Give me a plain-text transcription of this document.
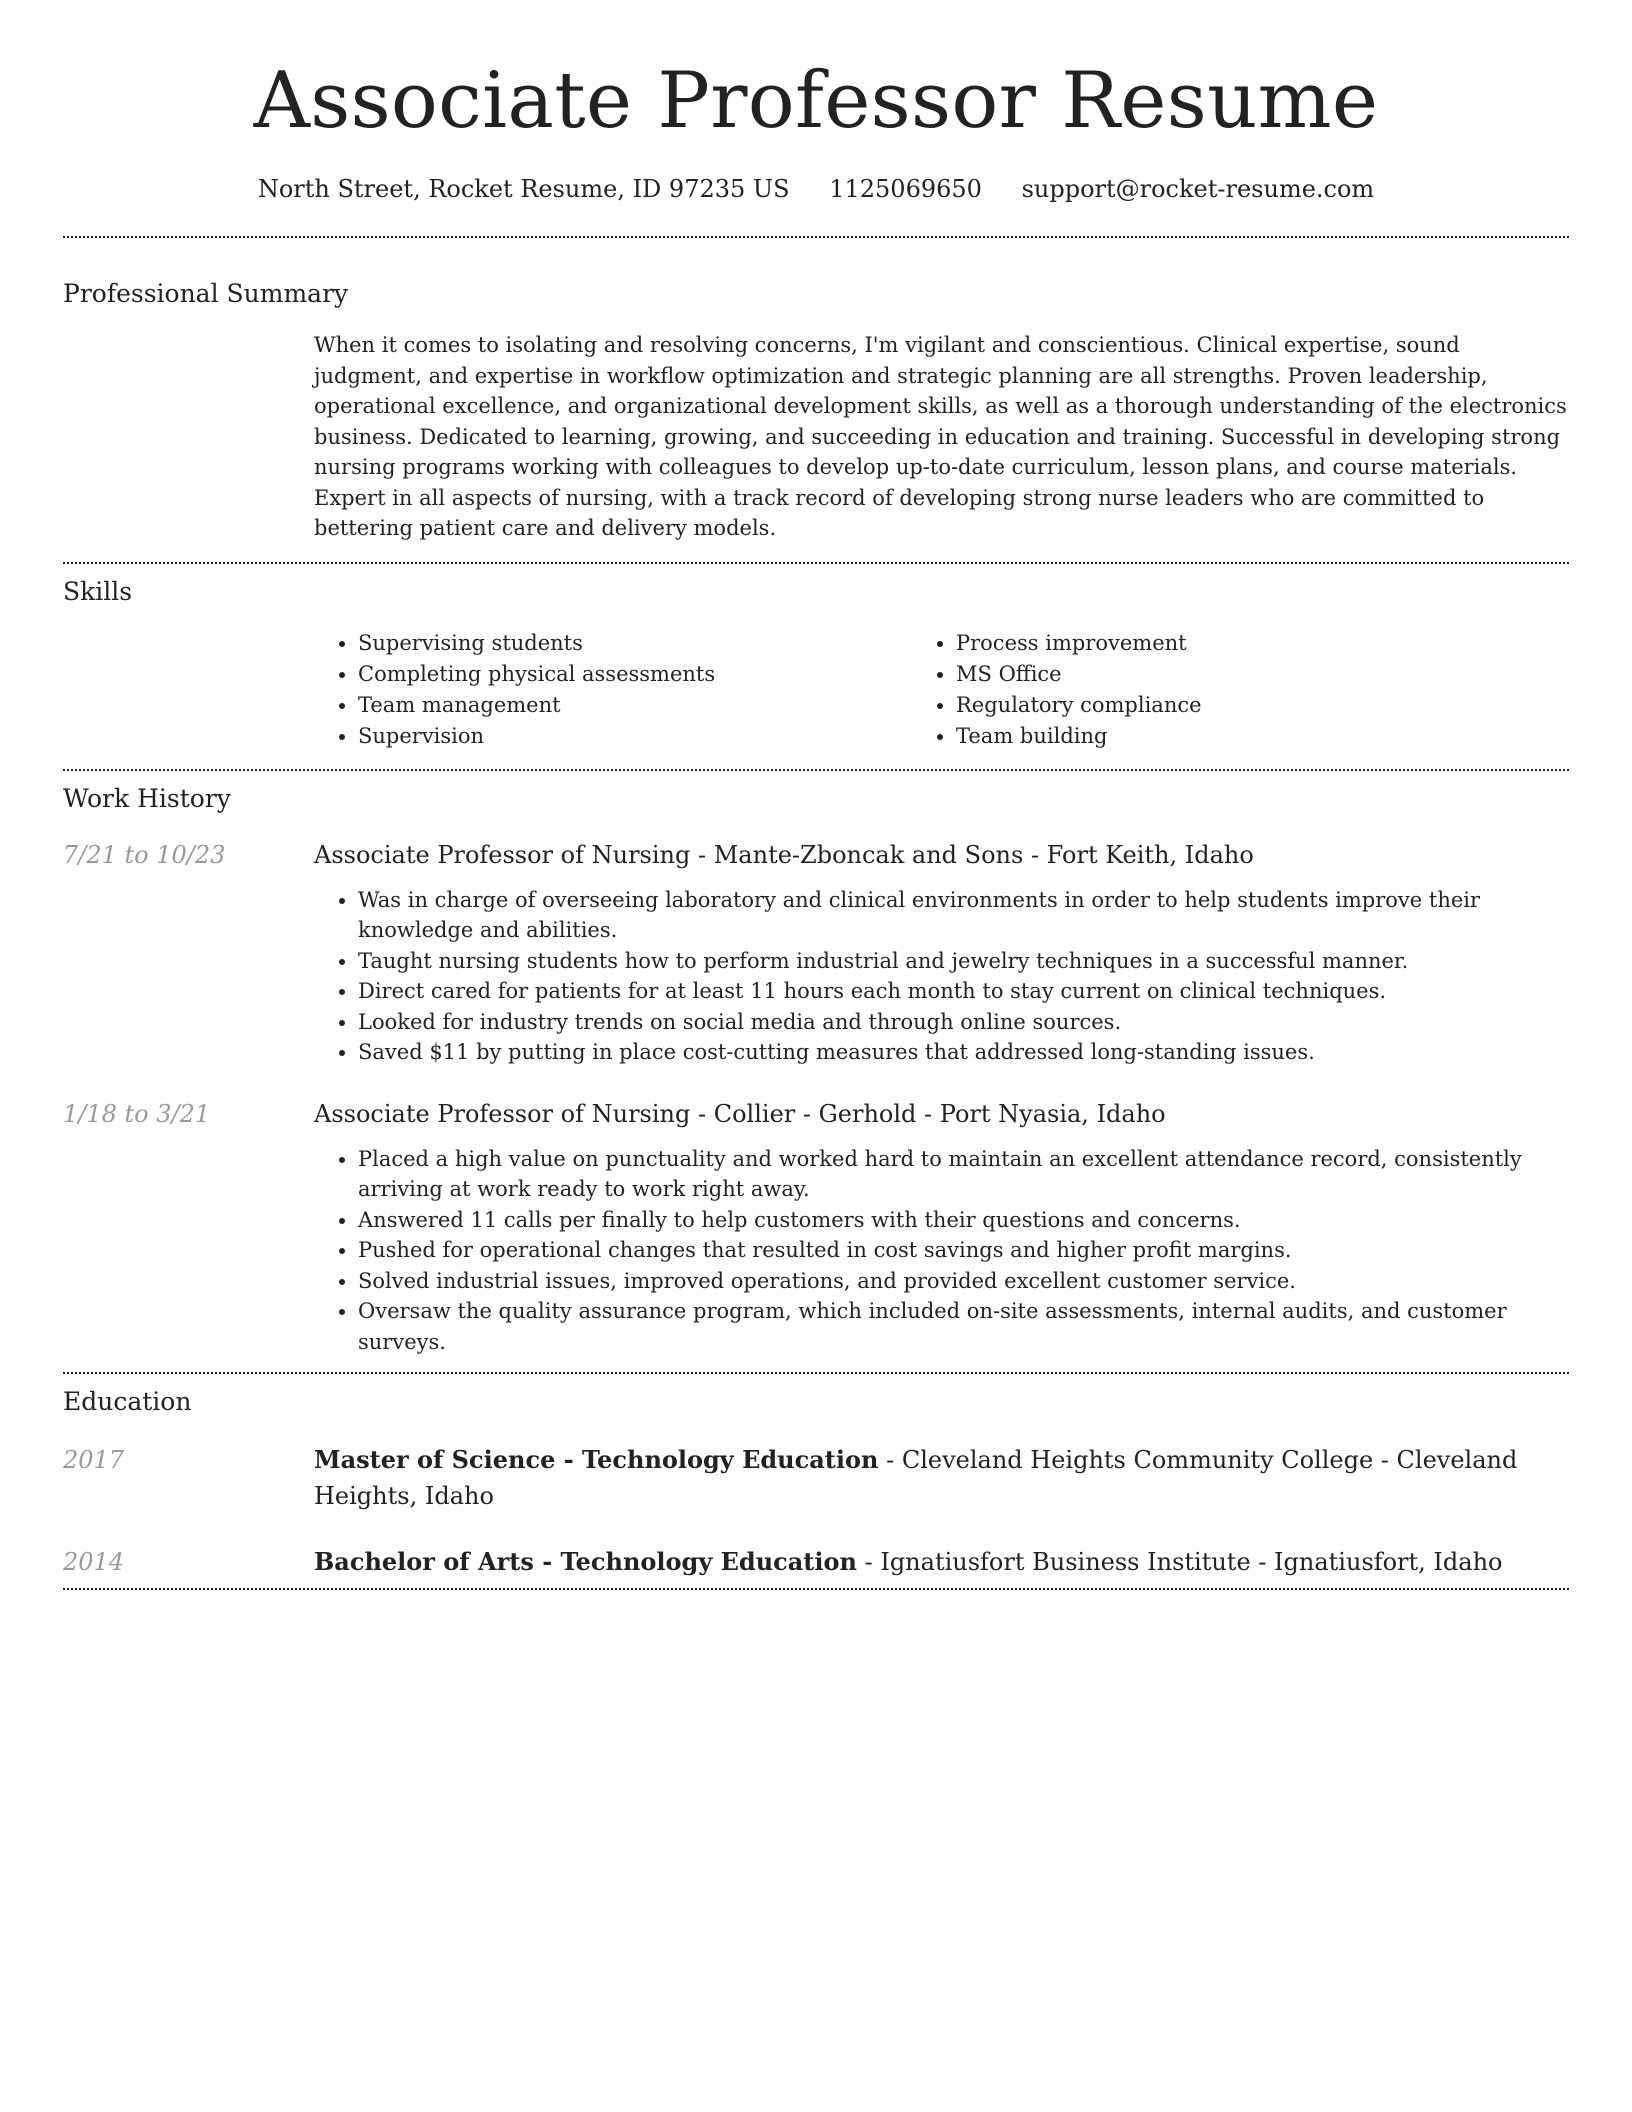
Associate Professor Resume
North Street, Rocket Resume, ID 97235 US 1125069650 support@rocket-resume.com
Professional Summary

When it comes to isolating and resolving concerns, I'm vigilant and conscientious. Clinical expertise, sound judgment, and expertise in workflow optimization and strategic planning are all strengths. Proven leadership, operational excellence, and organizational development skills, as well as a thorough understanding of the electronics business. Dedicated to learning, growing, and succeeding in education and training. Successful in developing strong nursing programs working with colleagues to develop up-to-date curriculum, lesson plans, and course materials. Expert in all aspects of nursing, with a track record of developing strong nurse leaders who are committed to bettering patient care and delivery models.

Skills
• Supervising students
• Completing physical assessments
• Team management
• Supervision
• Process improvement
• MS Office
• Regulatory compliance
• Team building
Work History
7/21 to 10/23	Associate Professor of Nursing - Mante-Zboncak and Sons - Fort Keith, Idaho
• Was in charge of overseeing laboratory and clinical environments in order to help students improve their knowledge and abilities.
• Taught nursing students how to perform industrial and jewelry techniques in a successful manner.
• Direct cared for patients for at least 11 hours each month to stay current on clinical techniques.
• Looked for industry trends on social media and through online sources.
• Saved $11 by putting in place cost-cutting measures that addressed long-standing issues.
1/18 to 3/21	Associate Professor of Nursing - Collier - Gerhold - Port Nyasia, Idaho
• Placed a high value on punctuality and worked hard to maintain an excellent attendance record, consistently arriving at work ready to work right away.
• Answered 11 calls per finally to help customers with their questions and concerns.
• Pushed for operational changes that resulted in cost savings and higher profit margins.
• Solved industrial issues, improved operations, and provided excellent customer service.
• Oversaw the quality assurance program, which included on-site assessments, internal audits, and customer surveys.
Education
2017	Master of Science - Technology Education - Cleveland Heights Community College - Cleveland Heights, Idaho
2014	Bachelor of Arts - Technology Education - Ignatiusfort Business Institute - Ignatiusfort, Idaho
